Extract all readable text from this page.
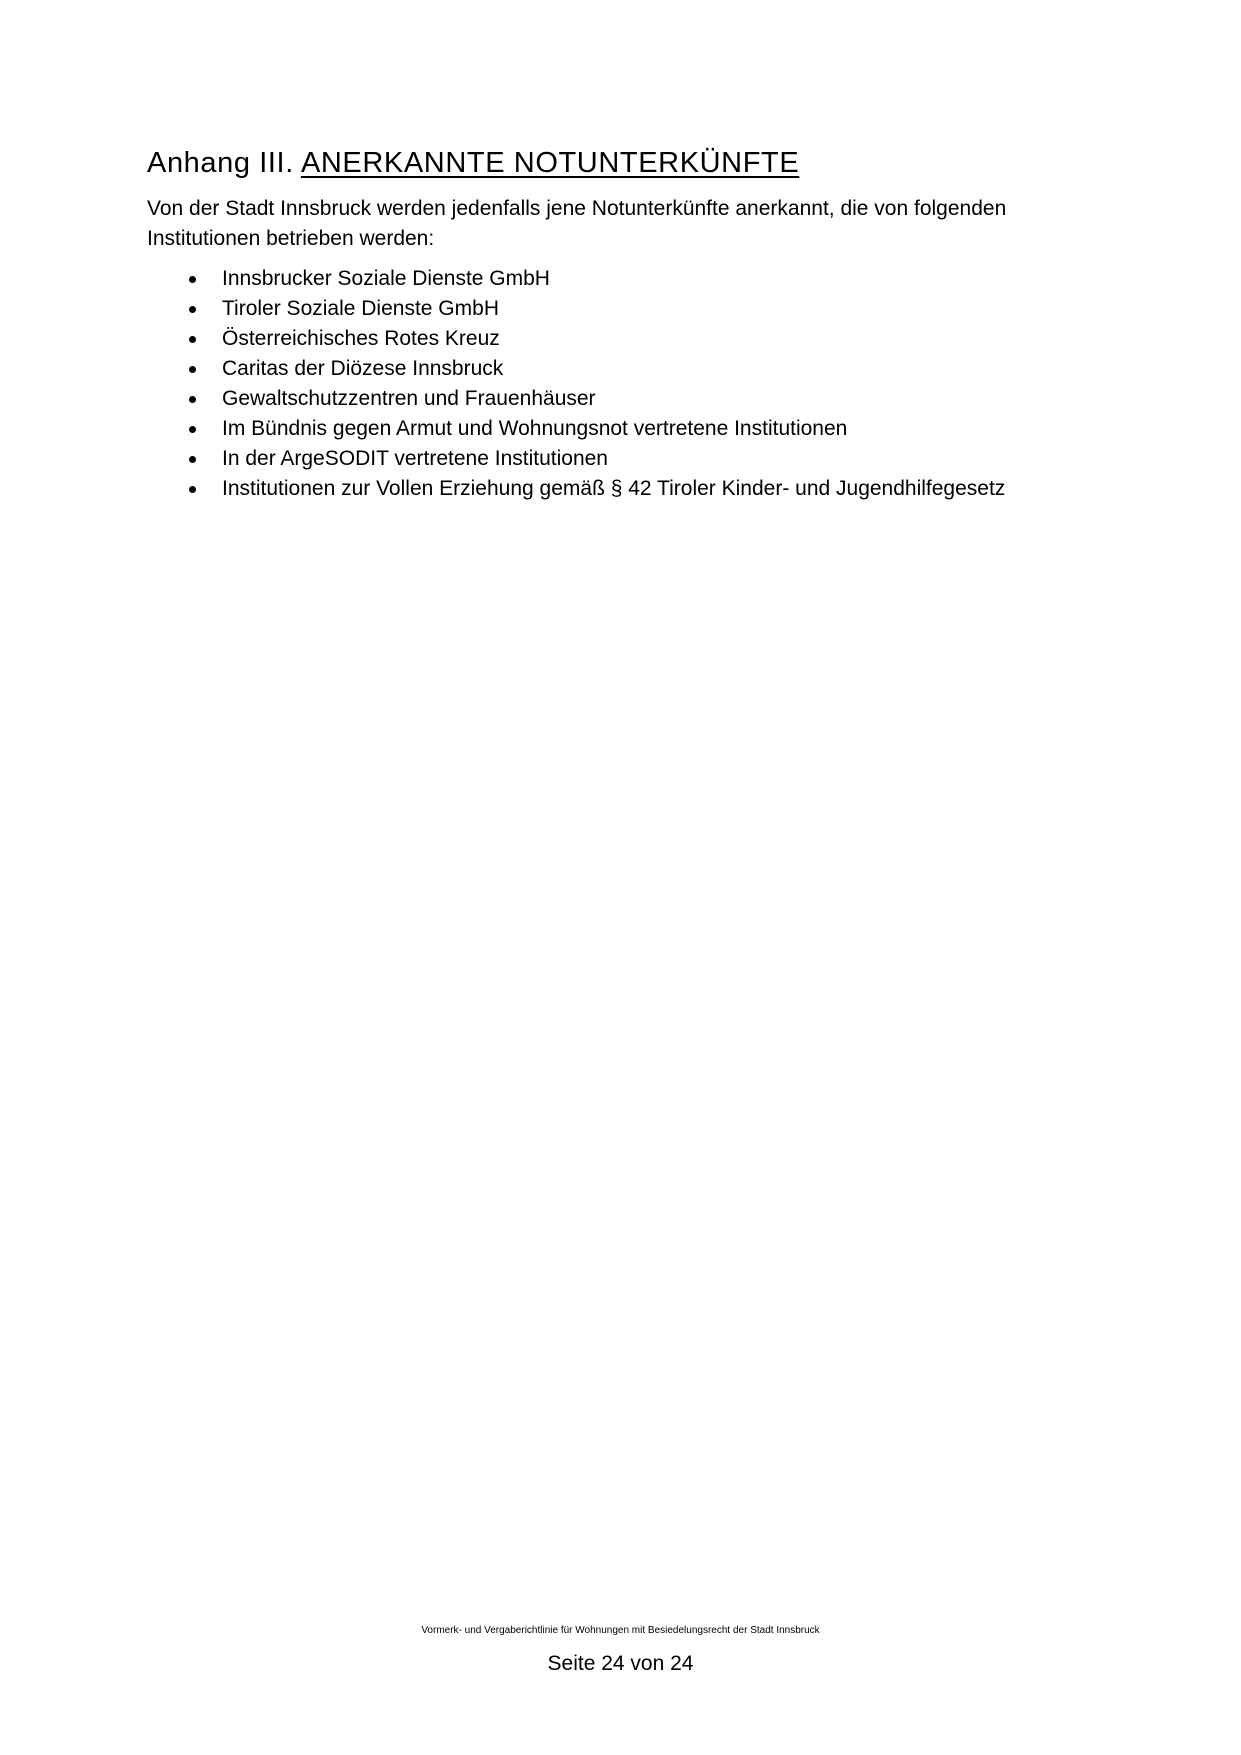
Anhang III. ANERKANNTE NOTUNTERKÜNFTE

Von der Stadt Innsbruck werden jedenfalls jene Notunterkünfte anerkannt, die von folgenden Institutionen betrieben werden:

Innsbrucker Soziale Dienste GmbH
Tiroler Soziale Dienste GmbH
Österreichisches Rotes Kreuz
Caritas der Diözese Innsbruck
Gewaltschutzzentren und Frauenhäuser
Im Bündnis gegen Armut und Wohnungsnot vertretene Institutionen
In der ArgeSODIT vertretene Institutionen
Institutionen zur Vollen Erziehung gemäß § 42 Tiroler Kinder- und Jugendhilfegesetz
Vormerk- und Vergaberichtlinie für Wohnungen mit Besiedelungsrecht der Stadt Innsbruck
Seite 24 von 24
